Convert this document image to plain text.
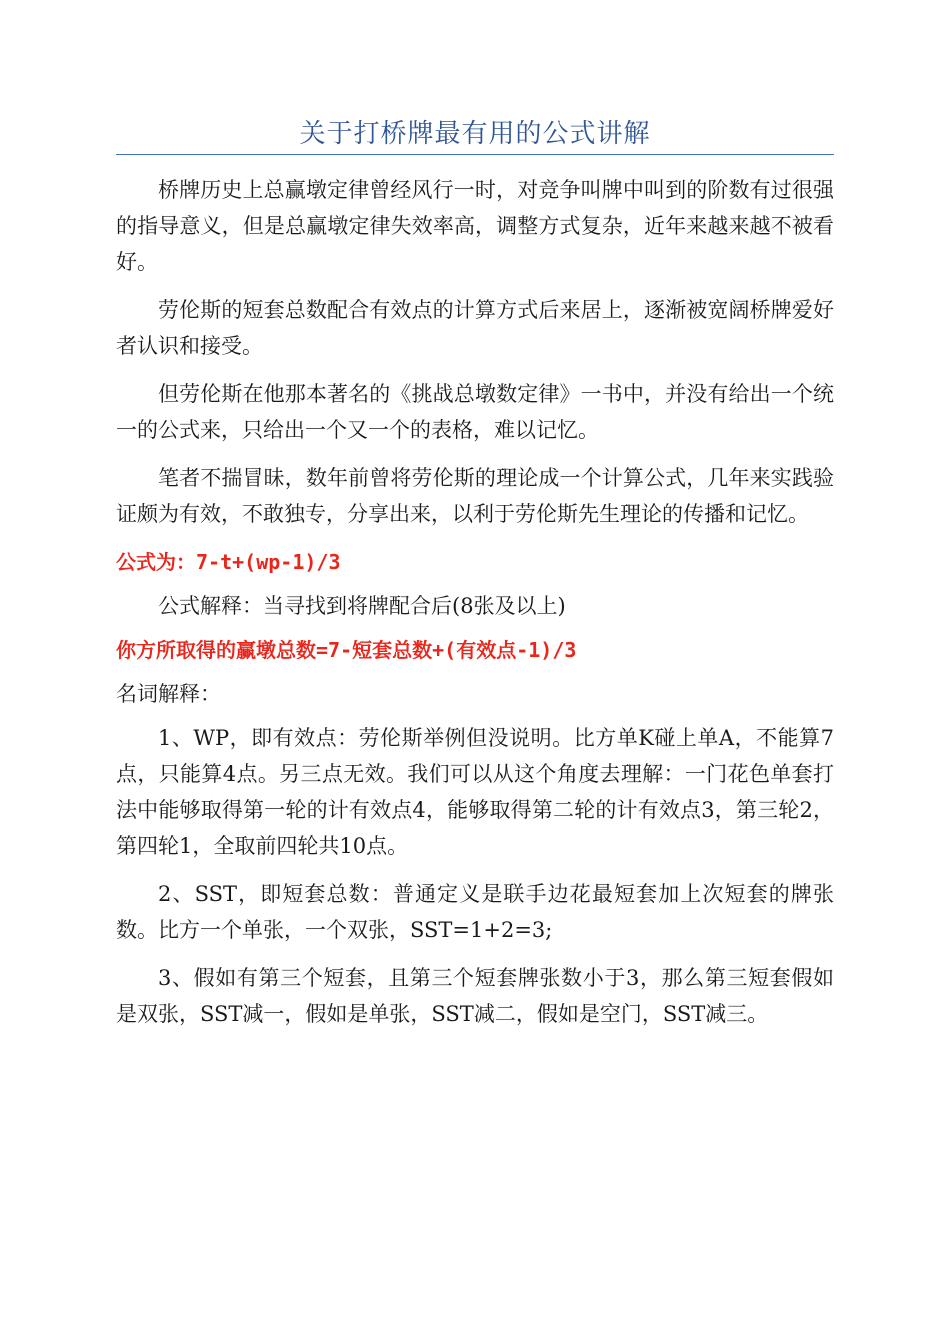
关于打桥牌最有用的公式讲解

桥牌历史上总赢墩定律曾经风行一时，对竞争叫牌中叫到的阶数有过很强的指导意义，但是总赢墩定律失效率高，调整方式复杂，近年来越来越不被看好。

劳伦斯的短套总数配合有效点的计算方式后来居上，逐渐被宽阔桥牌爱好者认识和接受。

但劳伦斯在他那本著名的《挑战总墩数定律》一书中，并没有给出一个统一的公式来，只给出一个又一个的表格，难以记忆。

笔者不揣冒昧，数年前曾将劳伦斯的理论成一个计算公式，几年来实践验证颇为有效，不敢独专，分享出来，以利于劳伦斯先生理论的传播和记忆。

公式为：7-t+(wp-1)/3

公式解释：当寻找到将牌配合后(8张及以上)

你方所取得的赢墩总数=7-短套总数+(有效点-1)/3

名词解释：

1、WP，即有效点：劳伦斯举例但没说明。比方单K碰上单A，不能算7点，只能算4点。另三点无效。我们可以从这个角度去理解：一门花色单套打法中能够取得第一轮的计有效点4，能够取得第二轮的计有效点3，第三轮2，第四轮1，全取前四轮共10点。

2、SST，即短套总数：普通定义是联手边花最短套加上次短套的牌张数。比方一个单张，一个双张，SST=1+2=3;

3、假如有第三个短套，且第三个短套牌张数小于3，那么第三短套假如是双张，SST减一，假如是单张，SST减二，假如是空门，SST减三。
